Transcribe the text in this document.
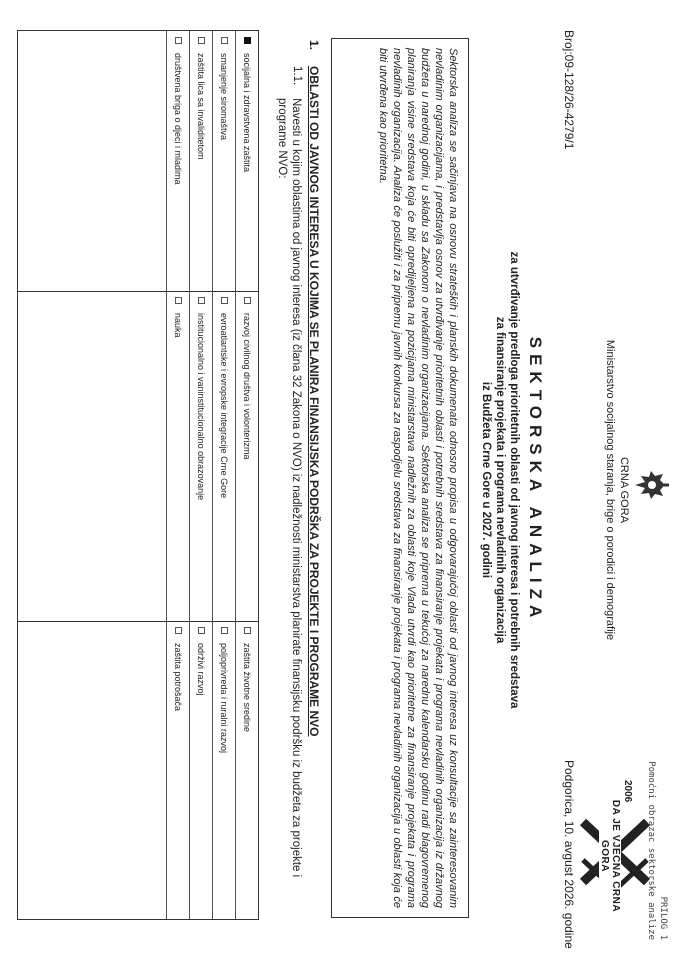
PRILOG 1
Pomoćni obrazac sektorske analize
CRNA GORA
Ministarstvo socijalnog staranja, brige o porodici i demografije
2006
DA JE VJEČNA CRNA GORA
Broj:09-128/26-4279/1
Podgorica, 10. avgust 2026. godine
SEKTORSKA ANALIZA
za utvrđivanje predloga prioritetnih oblasti od javnog interesa i potrebnih sredstava
za finansiranje projekata i programa nevladinih organizacija
iz Budžeta Crne Gore u 2027. godini
Sektorska analiza se sačinjava na osnovu strateških i planskih dokumenata odnosno propisa u odgovarajućoj oblasti od javnog interesa uz konsultacije sa zainteresovanim nevladinim organizacijama, i predstavlja osnov za utvrđivanje prioritetnih oblasti i potrebnih sredstava za finansiranje projekata i programa nevladinih organizacija iz državnog budžeta u narednoj godini, u skladu sa Zakonom o nevladinim organizacijama. Sektorska analiza se priprema u tekućoj za narednu kalendarsku godinu radi blagovremenog planiranja visine sredstava koja će biti opredijeljena na pozicijama ministarstava nadležnih za oblasti koje Vlada utvrdi kao prioritetne za finansiranje projekata i programa nevladinih organizacija. Analiza će poslužiti i za pripremu javnih konkursa za raspodjelu sredstava za finansiranje projekata i programa nevladinih organizacija u oblasti koja će biti utvrđena kao prioritetna.
1.
OBLASTI OD JAVNOG INTERESA U KOJIMA SE PLANIRA FINANSIJSKA PODRŠKA ZA PROJEKTE I PROGRAME NVO
1.1.
Navesti u kojim oblastima od javnog interesa (iz člana 32 Zakona o NVO) iz nadležnosti ministarstva planirate finansijsku podršku iz budžeta za projekte i programe NVO:
socijalna i zdravstvena zaštita
smanjenje siromaštva
zaštita lica sa invaliditetom
društvena briga o djeci i mladima
razvoj civilnog društva i volonterizma
evroatlantske i evropske integracije Crne Gore
institucionalno i vaninstitucionalno obrazovanje
nauka
zaštita životne sredine
poljoprivreda i ruralni razvoj
održivi razvoj
zaštita potrošača
